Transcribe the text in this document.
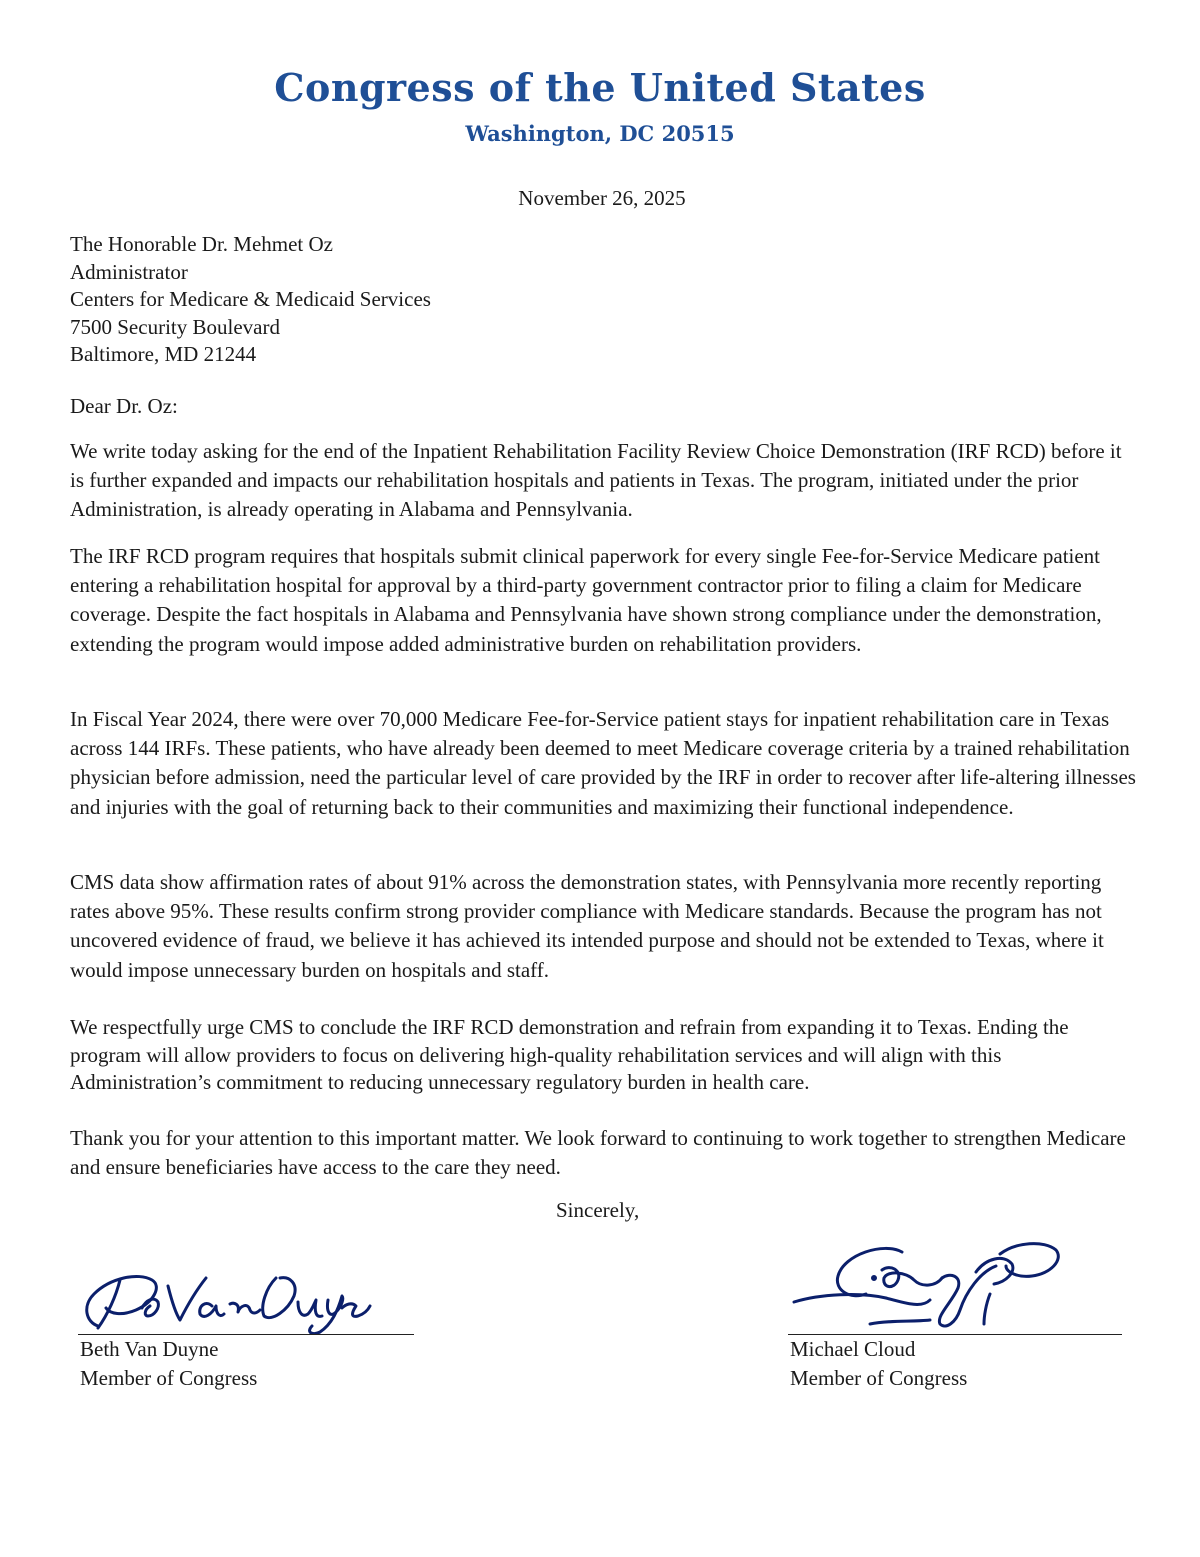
Congress of the United States
Washington, DC 20515
November 26, 2025
The Honorable Dr. Mehmet Oz
Administrator
Centers for Medicare & Medicaid Services
7500 Security Boulevard
Baltimore, MD 21244
Dear Dr. Oz:
We write today asking for the end of the Inpatient Rehabilitation Facility Review Choice Demonstration (IRF RCD) before it is further expanded and impacts our rehabilitation hospitals and patients in Texas. The program, initiated under the prior Administration, is already operating in Alabama and Pennsylvania.
The IRF RCD program requires that hospitals submit clinical paperwork for every single Fee-for-Service Medicare patient entering a rehabilitation hospital for approval by a third-party government contractor prior to filing a claim for Medicare coverage. Despite the fact hospitals in Alabama and Pennsylvania have shown strong compliance under the demonstration, extending the program would impose added administrative burden on rehabilitation providers.
In Fiscal Year 2024, there were over 70,000 Medicare Fee-for-Service patient stays for inpatient rehabilitation care in Texas across 144 IRFs. These patients, who have already been deemed to meet Medicare coverage criteria by a trained rehabilitation physician before admission, need the particular level of care provided by the IRF in order to recover after life-altering illnesses and injuries with the goal of returning back to their communities and maximizing their functional independence.
CMS data show affirmation rates of about 91% across the demonstration states, with Pennsylvania more recently reporting rates above 95%. These results confirm strong provider compliance with Medicare standards. Because the program has not uncovered evidence of fraud, we believe it has achieved its intended purpose and should not be extended to Texas, where it would impose unnecessary burden on hospitals and staff.
We respectfully urge CMS to conclude the IRF RCD demonstration and refrain from expanding it to Texas. Ending the program will allow providers to focus on delivering high-quality rehabilitation services and will align with this Administration’s commitment to reducing unnecessary regulatory burden in health care.
Thank you for your attention to this important matter. We look forward to continuing to work together to strengthen Medicare and ensure beneficiaries have access to the care they need.
Sincerely,
Beth Van Duyne
Member of Congress
Michael Cloud
Member of Congress
